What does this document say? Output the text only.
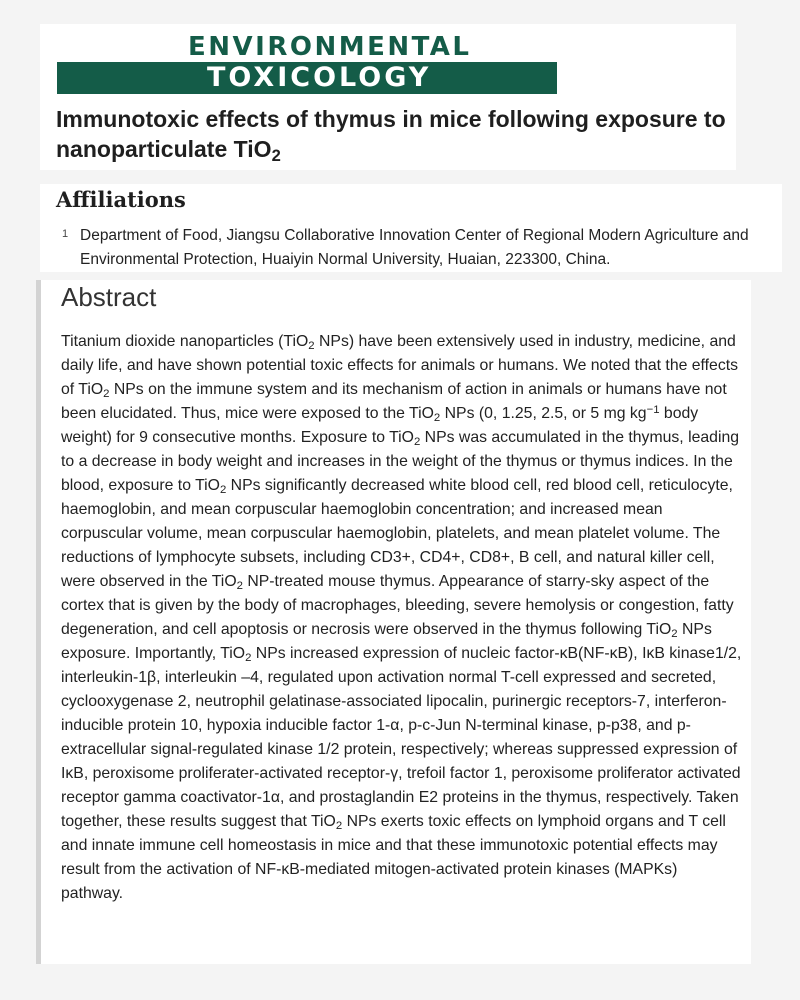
ENVIRONMENTAL
TOXICOLOGY
Immunotoxic effects of thymus in mice following exposure to nanoparticulate TiO$_2$
Affiliations
1 Department of Food, Jiangsu Collaborative Innovation Center of Regional Modern Agriculture and Environmental Protection, Huaiyin Normal University, Huaian, 223300, China.
Abstract

Titanium dioxide nanoparticles (TiO$_2$ NPs) have been extensively used in industry, medicine, and daily life, and have shown potential toxic effects for animals or humans. We noted that the effects of TiO$_2$ NPs on the immune system and its mechanism of action in animals or humans have not been elucidated. Thus, mice were exposed to the TiO$_2$ NPs (0, 1.25, 2.5, or 5 mg $kg^{-1}$ body weight) for 9 consecutive months. Exposure to TiO$_2$ NPs was accumulated in the thymus, leading to a decrease in body weight and increases in the weight of the thymus or thymus indices. In the blood, exposure to TiO$_2$ NPs significantly decreased white blood cell, red blood cell, reticulocyte, haemoglobin, and mean corpuscular haemoglobin concentration; and increased mean corpuscular volume, mean corpuscular haemoglobin, platelets, and mean platelet volume. The reductions of lymphocyte subsets, including CD3+, CD4+, CD8+, B cell, and natural killer cell, were observed in the TiO$_2$ NP-treated mouse thymus. Appearance of starry-sky aspect of the cortex that is given by the body of macrophages, bleeding, severe hemolysis or congestion, fatty degeneration, and cell apoptosis or necrosis were observed in the thymus following TiO$_2$ NPs exposure. Importantly, TiO$_2$ NPs increased expression of nucleic factor-κB(NF-κB), IκB kinase1/2, interleukin-1β, interleukin –4, regulated upon activation normal T-cell expressed and secreted, cyclooxygenase 2, neutrophil gelatinase-associated lipocalin, purinergic receptors-7, interferon-inducible protein 10, hypoxia inducible factor 1-α, p-c-Jun N-terminal kinase, p-p38, and p-extracellular signal-regulated kinase 1/2 protein, respectively; whereas suppressed expression of IκB, peroxisome proliferater-activated receptor-γ, trefoil factor 1, peroxisome proliferator activated receptor gamma coactivator-1α, and prostaglandin E2 proteins in the thymus, respectively. Taken together, these results suggest that TiO$_2$ NPs exerts toxic effects on lymphoid organs and T cell and innate immune cell homeostasis in mice and that these immunotoxic potential effects may result from the activation of NF-κB-mediated mitogen-activated protein kinases (MAPKs) pathway.
